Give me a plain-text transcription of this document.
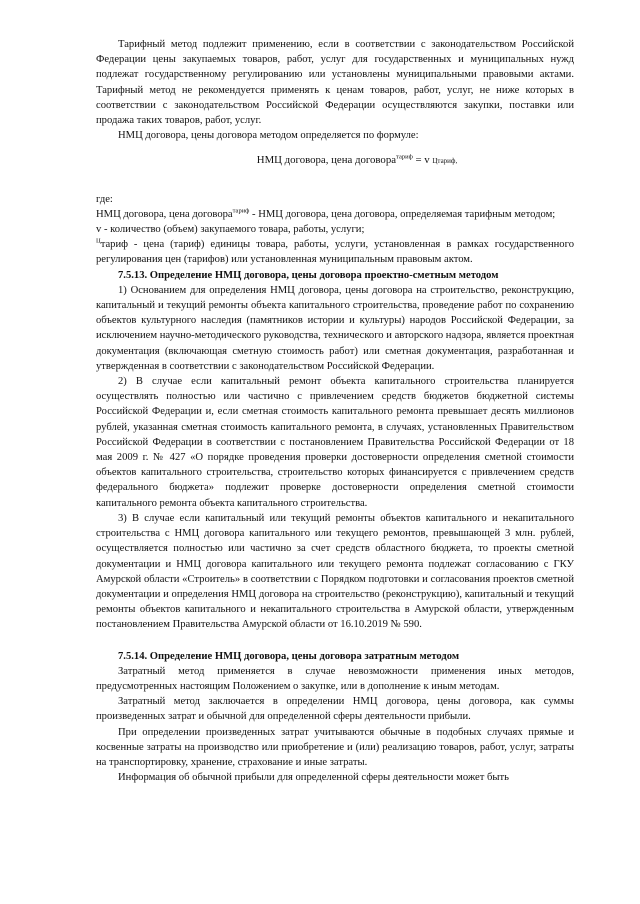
Тарифный метод подлежит применению, если в соответствии с законодательством Российской Федерации цены закупаемых товаров, работ, услуг для государственных и муниципальных нужд подлежат государственному регулированию или установлены муниципальными правовыми актами. Тарифный метод не рекомендуется применять к ценам товаров, работ, услуг, не ниже которых в соответствии с законодательством Российской Федерации осуществляются закупки, поставки или продажа таких товаров, работ, услуг.

НМЦ договора, цены договора методом определяется по формуле:

НМЦ договора, цена договора$^{тариф}$ = v Цтариф,

где:

НМЦ договора, цена договора$^{тариф}$ - НМЦ договора, цена договора, определяемая тарифным методом;

v - количество (объем) закупаемого товара, работы, услуги;

$^Ц$тариф - цена (тариф) единицы товара, работы, услуги, установленная в рамках государственного регулирования цен (тарифов) или установленная муниципальным правовым актом.

7.5.13. Определение НМЦ договора, цены договора проектно-сметным методом

1) Основанием для определения НМЦ договора, цены договора на строительство, реконструкцию, капитальный и текущий ремонты объекта капитального строительства, проведение работ по сохранению объектов культурного наследия (памятников истории и культуры) народов Российской Федерации, за исключением научно-методического руководства, технического и авторского надзора, является проектная документация (включающая сметную стоимость работ) или сметная документация, разработанная и утвержденная в соответствии с законодательством Российской Федерации.

2) В случае если капитальный ремонт объекта капитального строительства планируется осуществлять полностью или частично с привлечением средств бюджетов бюджетной системы Российской Федерации и, если сметная стоимость капитального ремонта превышает десять миллионов рублей, указанная сметная стоимость капитального ремонта, в случаях, установленных Правительством Российской Федерации в соответствии с постановлением Правительства Российской Федерации от 18 мая 2009 г. № 427 «О порядке проведения проверки достоверности определения сметной стоимости объектов капитального строительства, строительство которых финансируется с привлечением средств федерального бюджета» подлежит проверке достоверности определения сметной стоимости капитального ремонта объекта капитального строительства.

3) В случае если капитальный или текущий ремонты объектов капитального и некапитального строительства с НМЦ договора капитального или текущего ремонтов, превышающей 3 млн. рублей, осуществляется полностью или частично за счет средств областного бюджета, то проекты сметной документации и НМЦ договора капитального или текущего ремонта подлежат согласованию с ГКУ Амурской области «Строитель» в соответствии с Порядком подготовки и согласования проектов сметной документации и определения НМЦ договора на строительство (реконструкцию), капитальный и текущий ремонты объектов капитального и некапитального строительства в Амурской области, утвержденным постановлением Правительства Амурской области от 16.10.2019 № 590.

7.5.14. Определение НМЦ договора, цены договора затратным методом

Затратный метод применяется в случае невозможности применения иных методов, предусмотренных настоящим Положением о закупке, или в дополнение к иным методам.

Затратный метод заключается в определении НМЦ договора, цены договора, как суммы произведенных затрат и обычной для определенной сферы деятельности прибыли.

При определении произведенных затрат учитываются обычные в подобных случаях прямые и косвенные затраты на производство или приобретение и (или) реализацию товаров, работ, услуг, затраты на транспортировку, хранение, страхование и иные затраты.

Информация об обычной прибыли для определенной сферы деятельности может быть
